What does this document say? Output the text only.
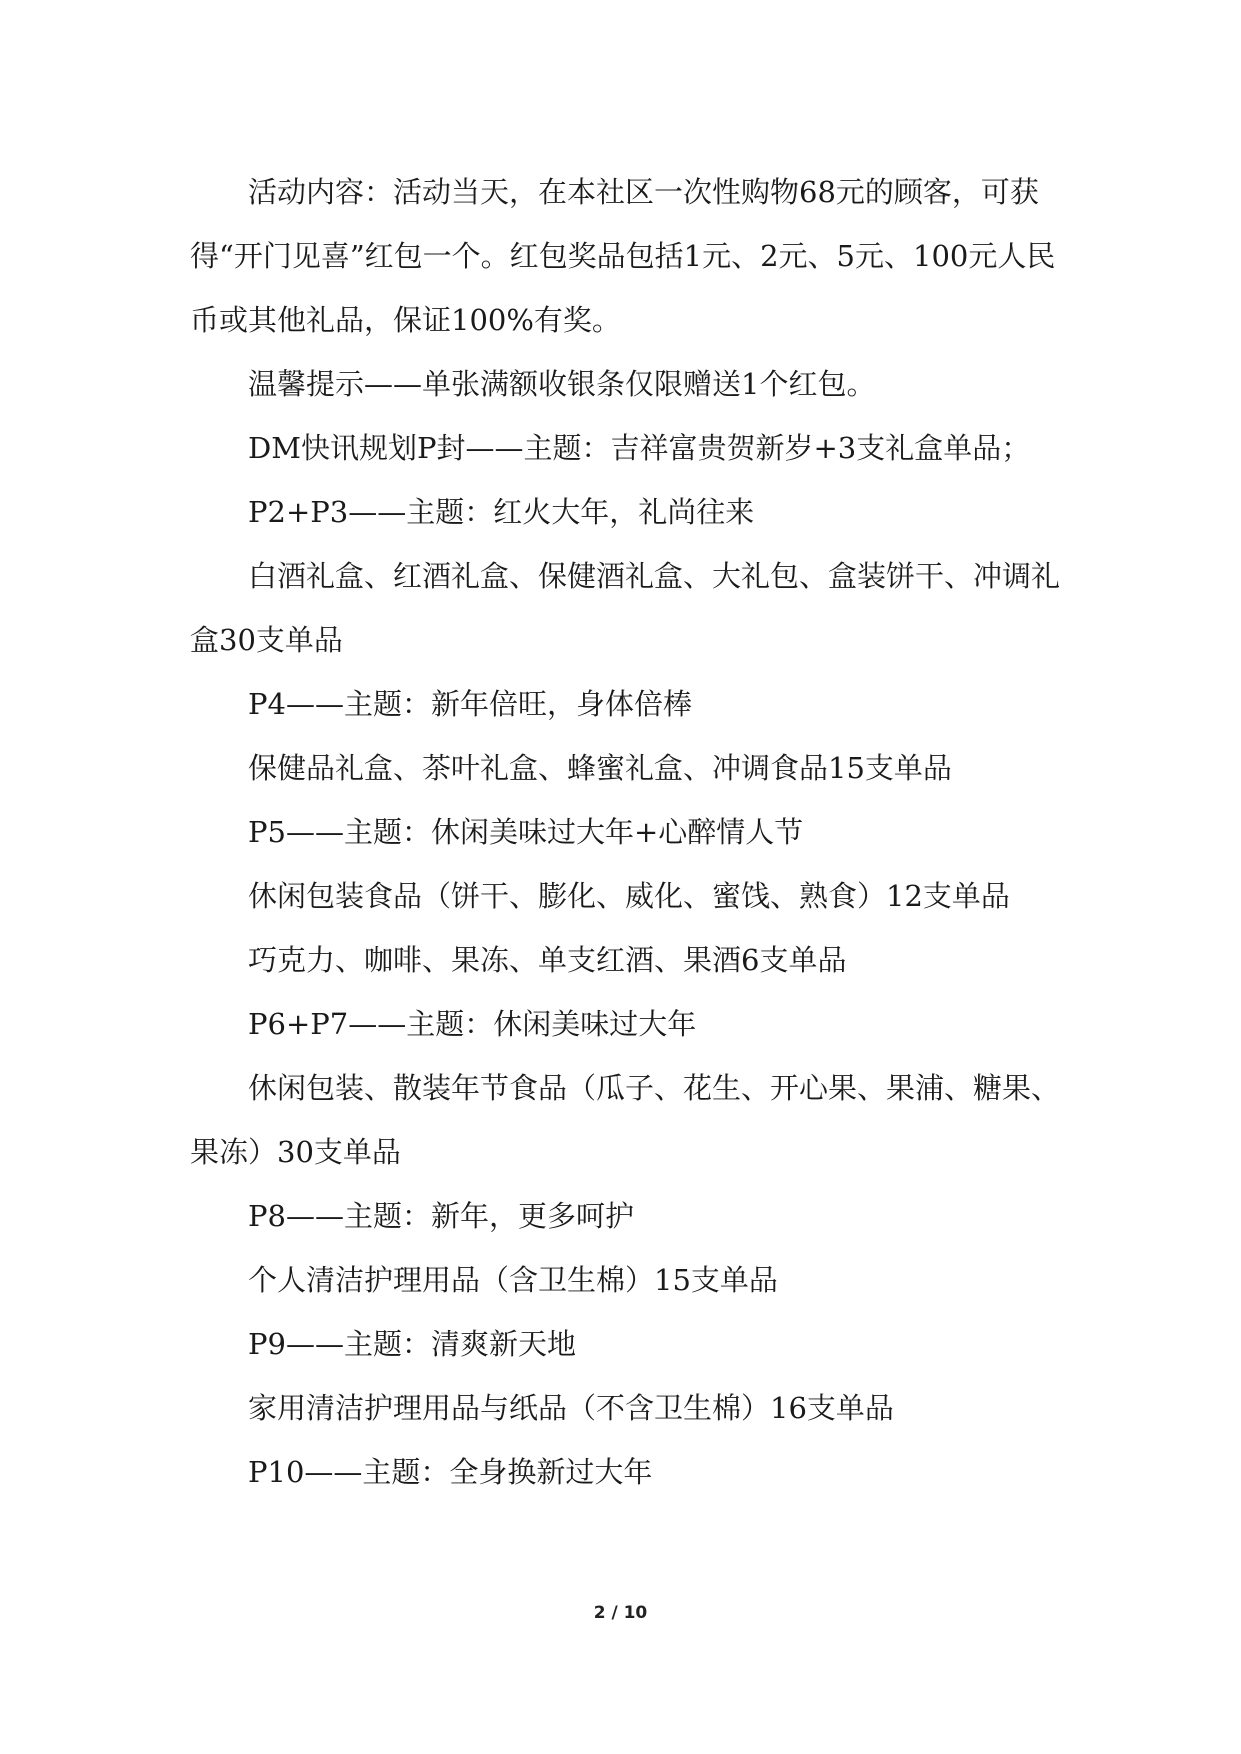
活动内容：活动当天，在本社区一次性购物68元的顾客，可获得“开门见喜”红包一个。红包奖品包括1元、2元、5元、100元人民币或其他礼品，保证100%有奖。

温馨提示——单张满额收银条仅限赠送1个红包。

DM快讯规划P封——主题：吉祥富贵贺新岁+3支礼盒单品；

P2+P3——主题：红火大年，礼尚往来

白酒礼盒、红酒礼盒、保健酒礼盒、大礼包、盒装饼干、冲调礼盒30支单品

P4——主题：新年倍旺，身体倍棒

保健品礼盒、茶叶礼盒、蜂蜜礼盒、冲调食品15支单品

P5——主题：休闲美味过大年+心醉情人节

休闲包装食品（饼干、膨化、威化、蜜饯、熟食）12支单品

巧克力、咖啡、果冻、单支红酒、果酒6支单品

P6+P7——主题：休闲美味过大年

休闲包装、散装年节食品（瓜子、花生、开心果、果浦、糖果、果冻）30支单品

P8——主题：新年，更多呵护

个人清洁护理用品（含卫生棉）15支单品

P9——主题：清爽新天地

家用清洁护理用品与纸品（不含卫生棉）16支单品

P10——主题：全身换新过大年

2 / 10
